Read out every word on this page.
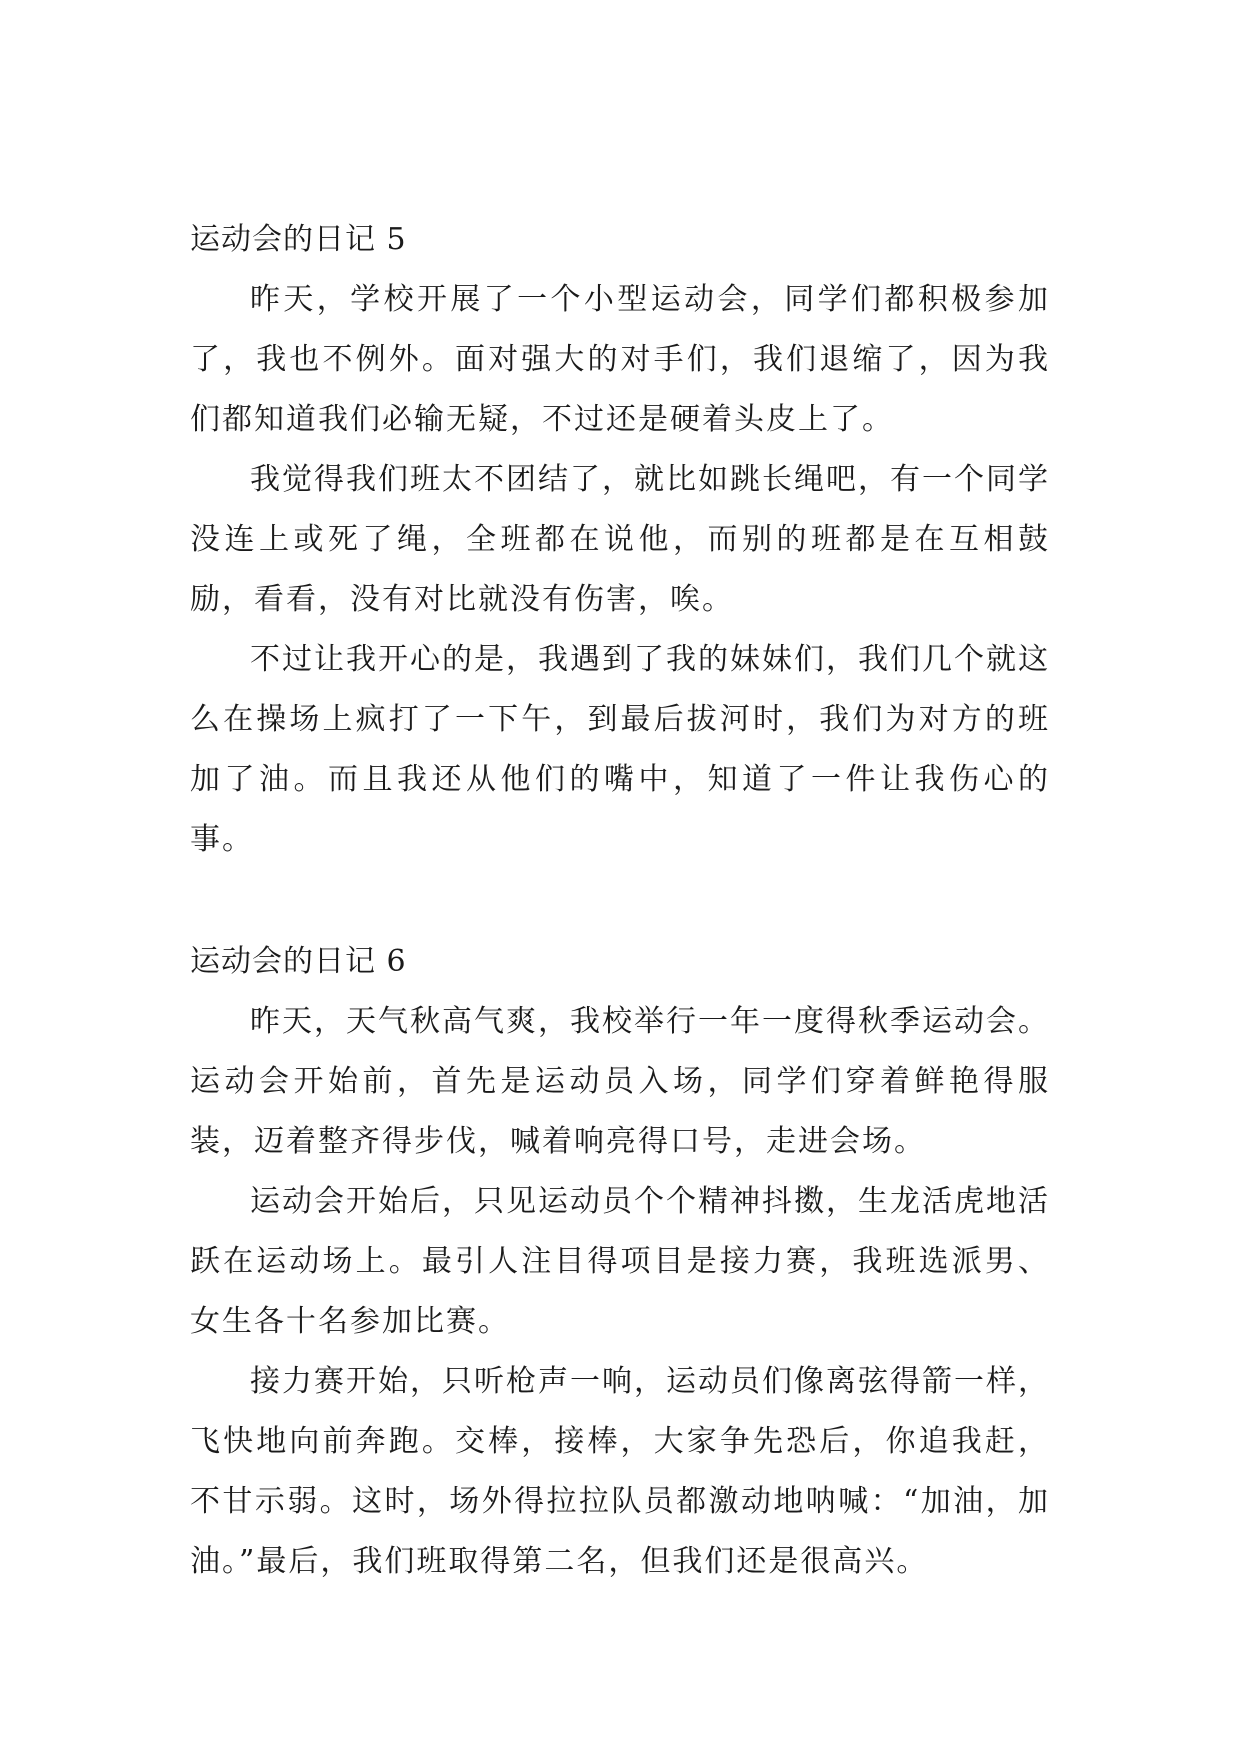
运动会的日记 5

昨天，学校开展了一个小型运动会，同学们都积极参加了，我也不例外。面对强大的对手们，我们退缩了，因为我们都知道我们必输无疑，不过还是硬着头皮上了。

我觉得我们班太不团结了，就比如跳长绳吧，有一个同学没连上或死了绳，全班都在说他，而别的班都是在互相鼓励，看看，没有对比就没有伤害，唉。

不过让我开心的是，我遇到了我的妹妹们，我们几个就这么在操场上疯打了一下午，到最后拔河时，我们为对方的班加了油。而且我还从他们的嘴中，知道了一件让我伤心的事。

运动会的日记 6

昨天，天气秋高气爽，我校举行一年一度得秋季运动会。运动会开始前，首先是运动员入场，同学们穿着鲜艳得服装，迈着整齐得步伐，喊着响亮得口号，走进会场。

运动会开始后，只见运动员个个精神抖擞，生龙活虎地活跃在运动场上。最引人注目得项目是接力赛，我班选派男、女生各十名参加比赛。

接力赛开始，只听枪声一响，运动员们像离弦得箭一样，飞快地向前奔跑。交棒，接棒，大家争先恐后，你追我赶，不甘示弱。这时，场外得拉拉队员都激动地呐喊：“加油，加油。”最后，我们班取得第二名，但我们还是很高兴。
